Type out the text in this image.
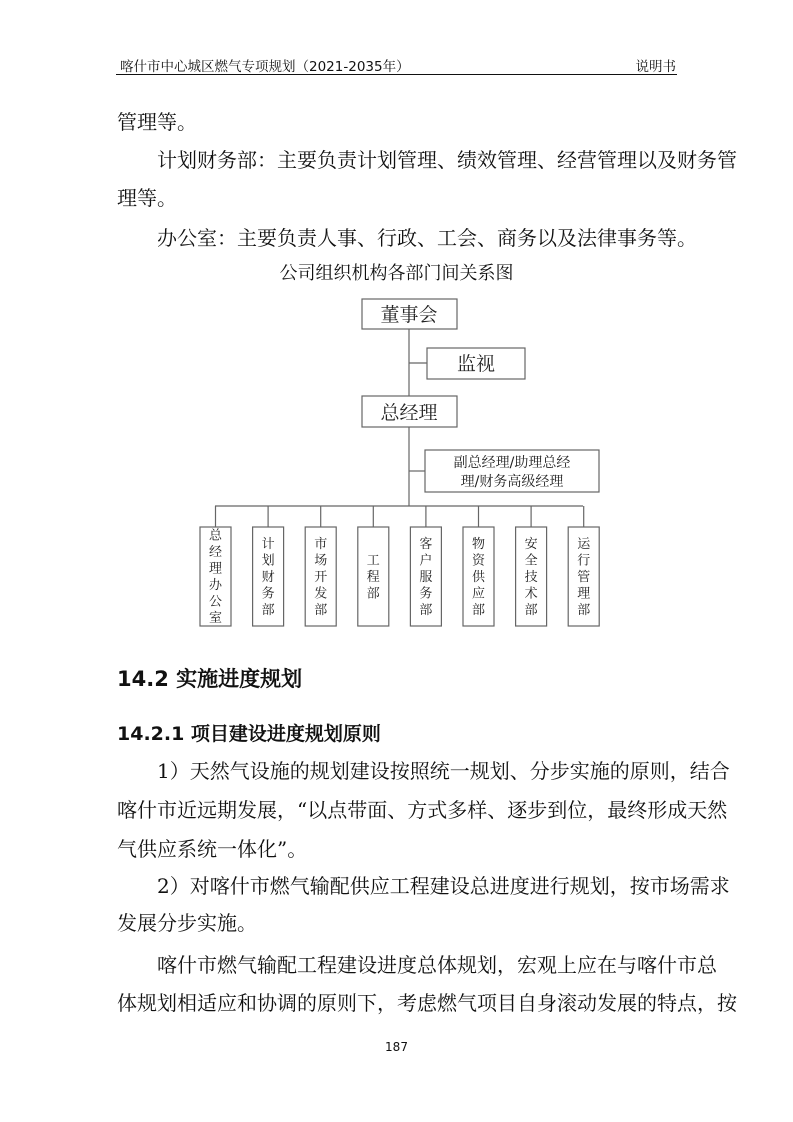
喀什市中心城区燃气专项规划（2021-2035年）	说明书
管理等。
计划财务部：主要负责计划管理、绩效管理、经营管理以及财务管
理等。
办公室：主要负责人事、行政、工会、商务以及法律事务等。
公司组织机构各部门间关系图
董事会
监视
总经理
副总经理/助理总经
理/财务高级经理
总经理办公室
计划财务部
市场开发部
工程部
客户服务部
物资供应部
安全技术部
运行管理部
14.2 实施进度规划
14.2.1 项目建设进度规划原则
1）天然气设施的规划建设按照统一规划、分步实施的原则，结合
喀什市近远期发展，“以点带面、方式多样、逐步到位，最终形成天然
气供应系统一体化”。
2）对喀什市燃气输配供应工程建设总进度进行规划，按市场需求
发展分步实施。
喀什市燃气输配工程建设进度总体规划，宏观上应在与喀什市总
体规划相适应和协调的原则下，考虑燃气项目自身滚动发展的特点，按
187
